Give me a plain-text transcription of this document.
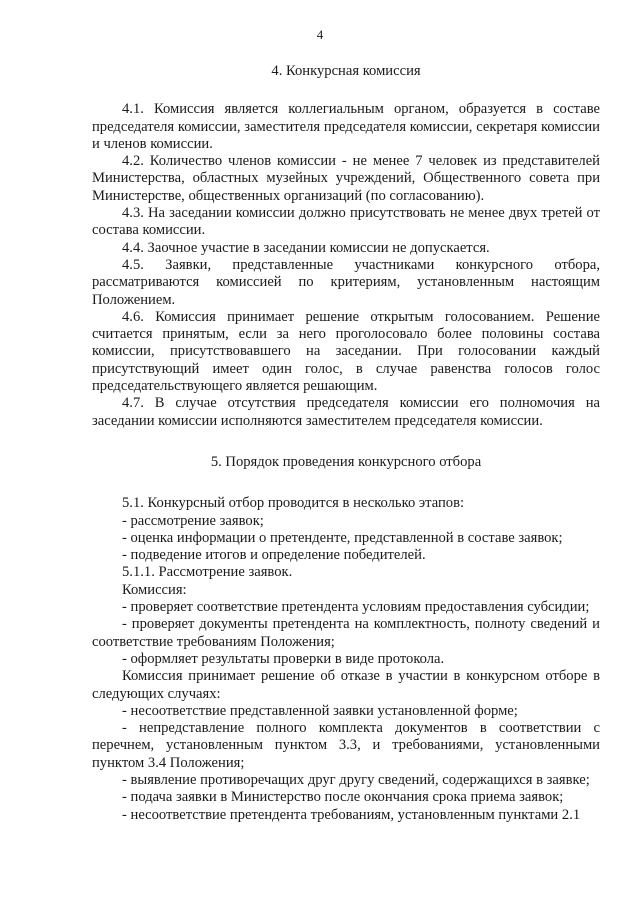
4
4. Конкурсная комиссия

4.1. Комиссия является коллегиальным органом, образуется в составе председателя комиссии, заместителя председателя комиссии, секретаря комиссии и членов комиссии.

4.2. Количество членов комиссии - не менее 7 человек из представителей Министерства, областных музейных учреждений, Общественного совета при Министерстве, общественных организаций (по согласованию).

4.3. На заседании комиссии должно присутствовать не менее двух третей от состава комиссии.

4.4. Заочное участие в заседании комиссии не допускается.

4.5. Заявки, представленные участниками конкурсного отбора, рассматриваются комиссией по критериям, установленным настоящим Положением.

4.6. Комиссия принимает решение открытым голосованием. Решение считается принятым, если за него проголосовало более половины состава комиссии, присутствовавшего на заседании. При голосовании каждый присутствующий имеет один голос, в случае равенства голосов голос председательствующего является решающим.

4.7. В случае отсутствия председателя комиссии его полномочия на заседании комиссии исполняются заместителем председателя комиссии.

5. Порядок проведения конкурсного отбора

5.1. Конкурсный отбор проводится в несколько этапов:

- рассмотрение заявок;

- оценка информации о претенденте, представленной в составе заявок;

- подведение итогов и определение победителей.

5.1.1. Рассмотрение заявок.

Комиссия:

- проверяет соответствие претендента условиям предоставления субсидии;

- проверяет документы претендента на комплектность, полноту сведений и соответствие требованиям Положения;

- оформляет результаты проверки в виде протокола.

Комиссия принимает решение об отказе в участии в конкурсном отборе в следующих случаях:

- несоответствие представленной заявки установленной форме;

- непредставление полного комплекта документов в соответствии с перечнем, установленным пунктом 3.3, и требованиями, установленными пунктом 3.4 Положения;

- выявление противоречащих друг другу сведений, содержащихся в заявке;

- подача заявки в Министерство после окончания срока приема заявок;

- несоответствие претендента требованиям, установленным пунктами 2.1
